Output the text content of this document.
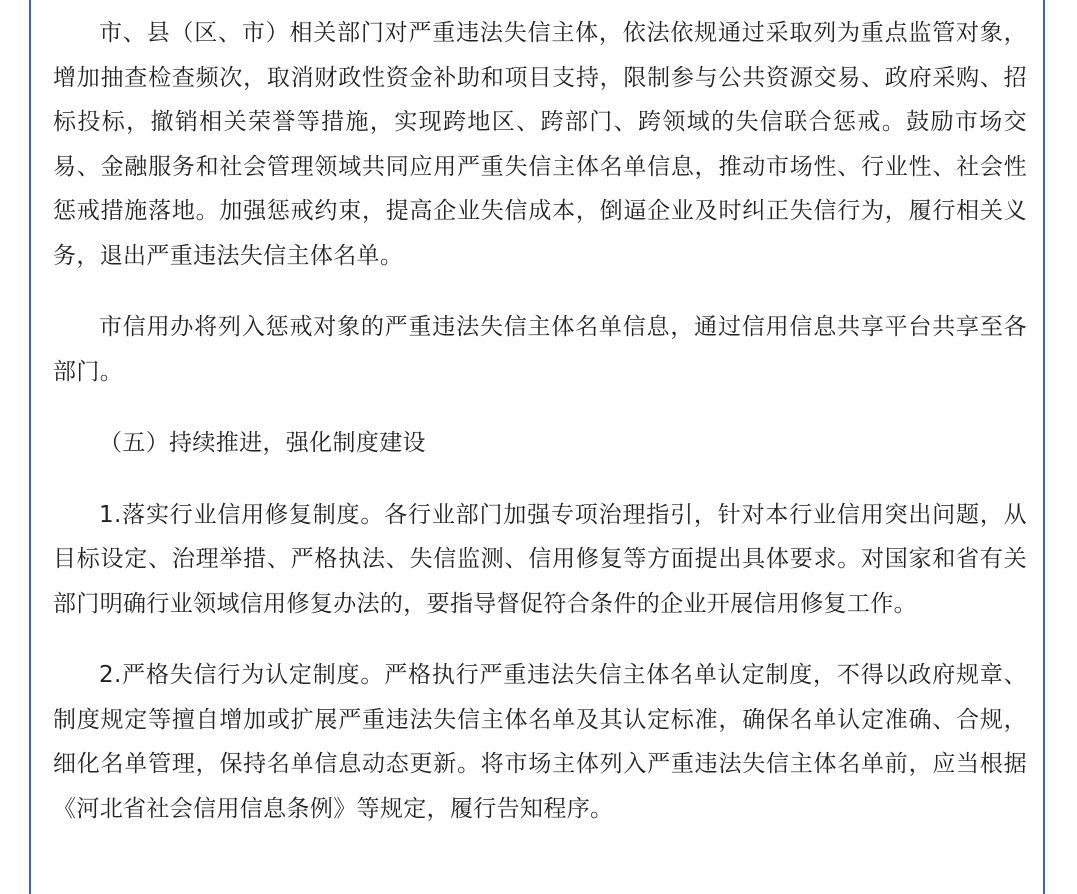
市、县（区、市）相关部门对严重违法失信主体，依法依规通过采取列为重点监管对象，增加抽查检查频次，取消财政性资金补助和项目支持，限制参与公共资源交易、政府采购、招标投标，撤销相关荣誉等措施，实现跨地区、跨部门、跨领域的失信联合惩戒。鼓励市场交易、金融服务和社会管理领域共同应用严重失信主体名单信息，推动市场性、行业性、社会性惩戒措施落地。加强惩戒约束，提高企业失信成本，倒逼企业及时纠正失信行为，履行相关义务，退出严重违法失信主体名单。

市信用办将列入惩戒对象的严重违法失信主体名单信息，通过信用信息共享平台共享至各部门。

（五）持续推进，强化制度建设

1.落实行业信用修复制度。各行业部门加强专项治理指引，针对本行业信用突出问题，从目标设定、治理举措、严格执法、失信监测、信用修复等方面提出具体要求。对国家和省有关部门明确行业领域信用修复办法的，要指导督促符合条件的企业开展信用修复工作。

2.严格失信行为认定制度。严格执行严重违法失信主体名单认定制度，不得以政府规章、制度规定等擅自增加或扩展严重违法失信主体名单及其认定标准，确保名单认定准确、合规，细化名单管理，保持名单信息动态更新。将市场主体列入严重违法失信主体名单前，应当根据《河北省社会信用信息条例》等规定，履行告知程序。
